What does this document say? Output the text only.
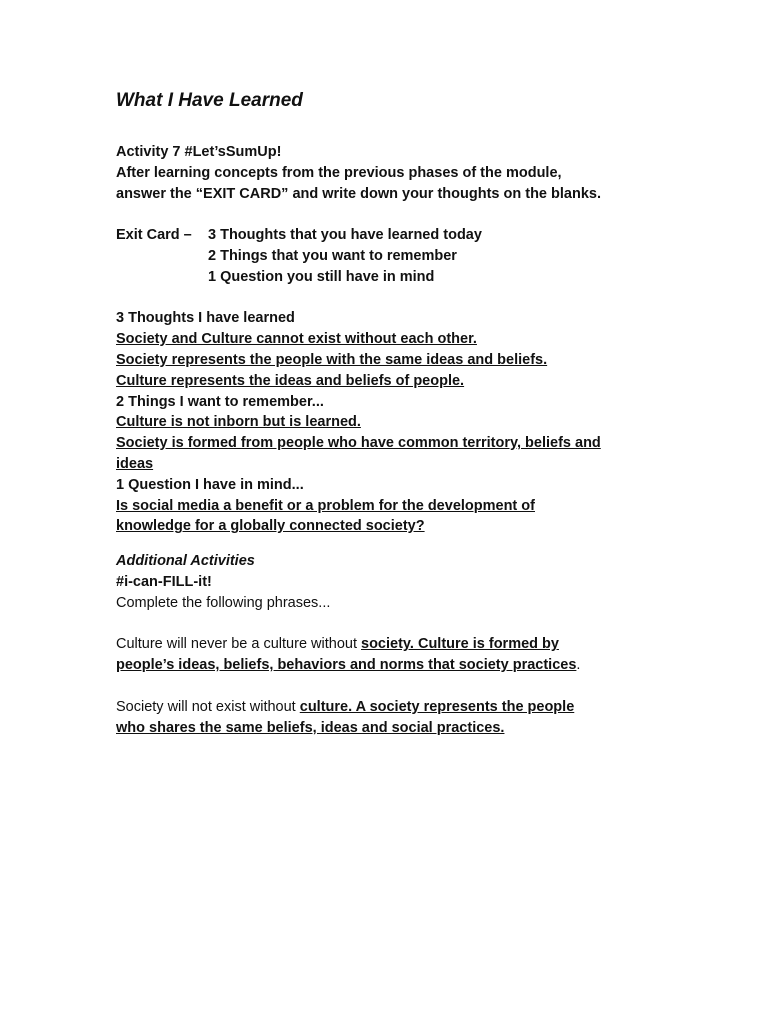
What I Have Learned

Activity 7 #Let’sSumUp!

After learning concepts from the previous phases of the module,

answer the “EXIT CARD” and write down your thoughts on the blanks.

Exit Card –	3 Thoughts that you have learned today

2 Things that you want to remember

1 Question you still have in mind

3 Thoughts I have learned

Society and Culture cannot exist without each other.

Society represents the people with the same ideas and beliefs.

Culture represents the ideas and beliefs of people.

2 Things I want to remember...

Culture is not inborn but is learned.

Society is formed from people who have common territory, beliefs and

ideas

1 Question I have in mind...

Is social media a benefit or a problem for the development of

knowledge for a globally connected society?

Additional Activities

#i-can-FILL-it!

Complete the following phrases...

Culture will never be a culture without society. Culture is formed by

people’s ideas, beliefs, behaviors and norms that society practices.

Society will not exist without culture. A society represents the people

who shares the same beliefs, ideas and social practices.
